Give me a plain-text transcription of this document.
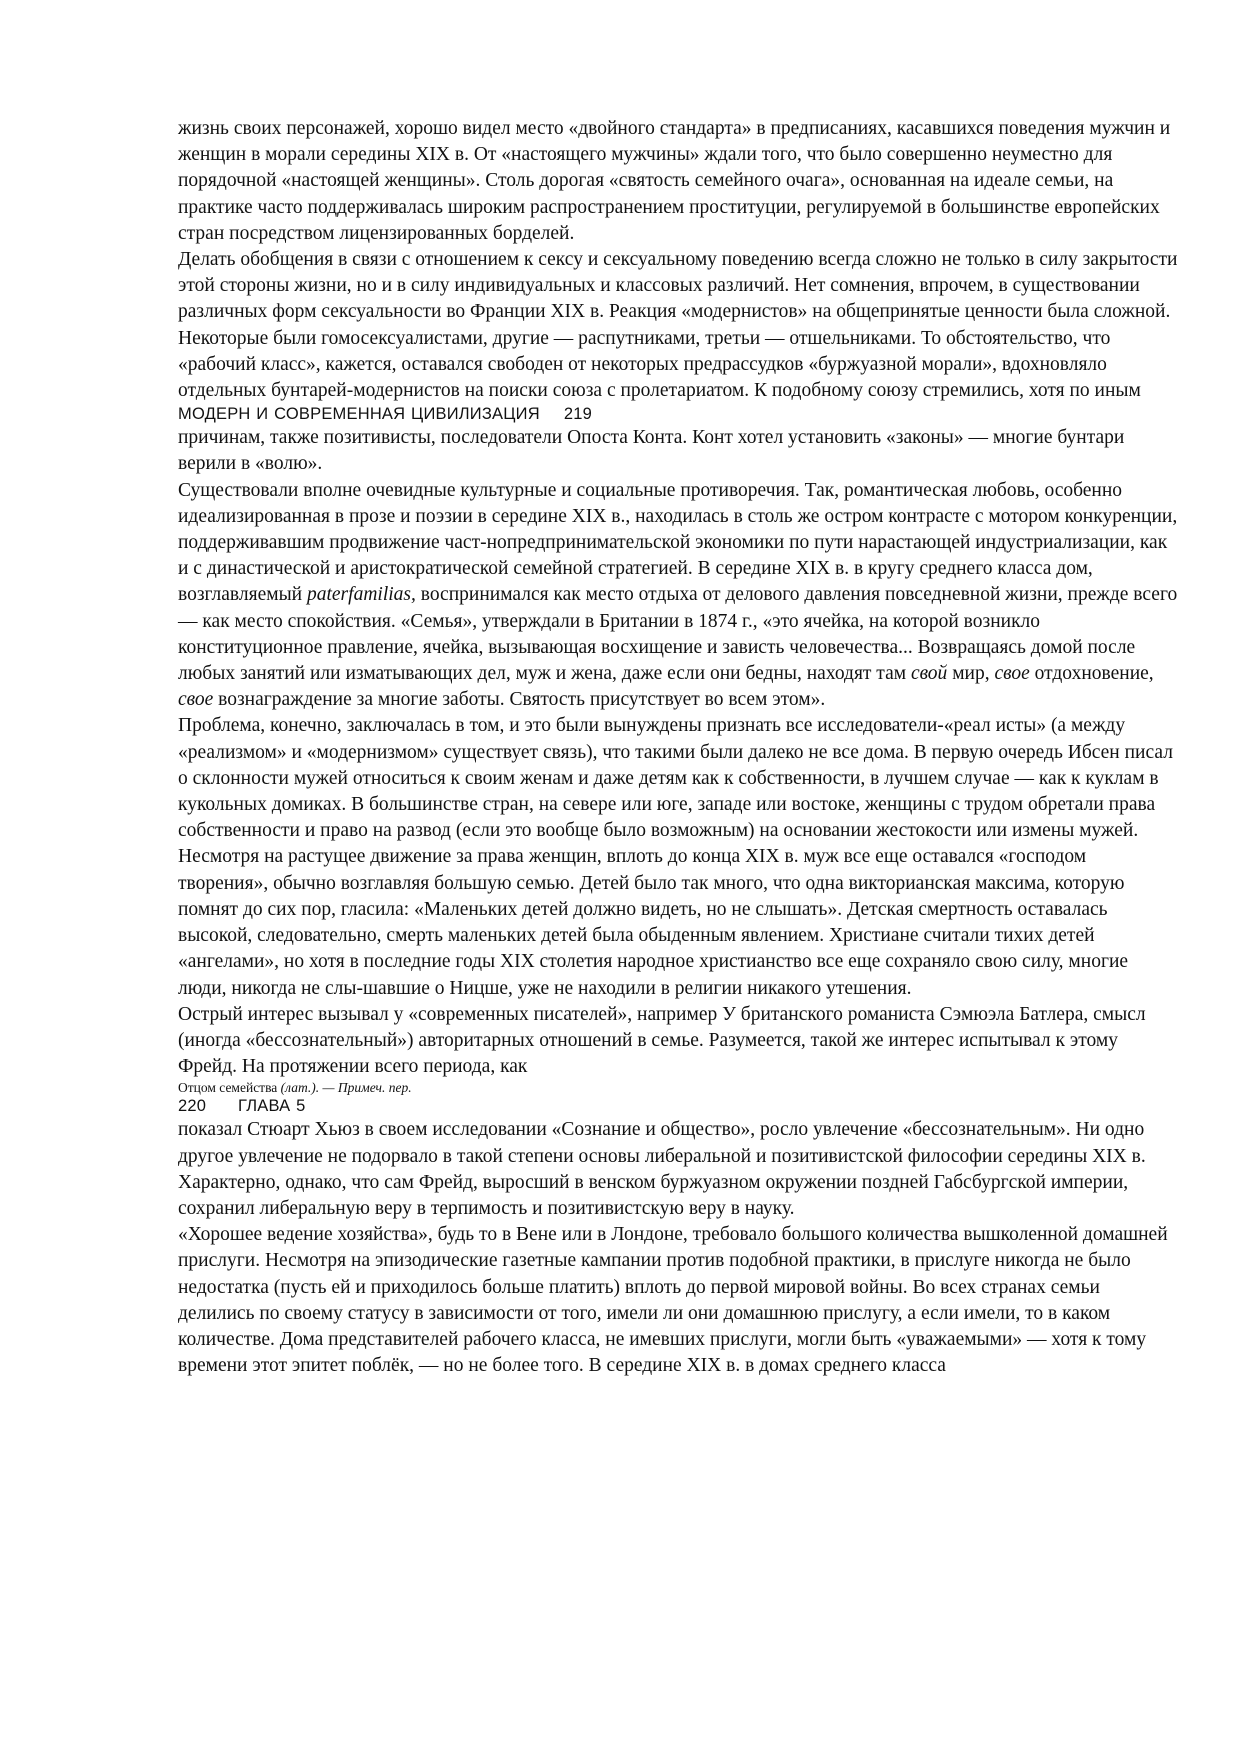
жизнь своих персонажей, хорошо видел место «двойного стандарта» в предписаниях, касавшихся поведения мужчин и женщин в морали середины XIX в. От «настоящего мужчины» ждали того, что было совершенно неуместно для порядочной «настоящей женщины». Столь дорогая «святость семейного очага», основанная на идеале семьи, на практике часто поддерживалась широким распространением проституции, регулируемой в большинстве европейских стран посредством лицензированных борделей.

Делать обобщения в связи с отношением к сексу и сексуальному поведению всегда сложно не только в силу закрытости этой стороны жизни, но и в силу индивидуальных и классовых различий. Нет сомнения, впрочем, в существовании различных форм сексуальности во Франции XIX в. Реакция «модернистов» на общепринятые ценности была сложной. Некоторые были гомосексуалистами, другие — распутниками, третьи — отшельниками. То обстоятельство, что «рабочий класс», кажется, оставался свободен от некоторых предрассудков «буржуазной морали», вдохновляло отдельных бунтарей-модернистов на поиски союза с пролетариатом. К подобному союзу стремились, хотя по иным

МОДЕРН И СОВРЕМЕННАЯ ЦИВИЛИЗАЦИЯ 219

причинам, также позитивисты, последователи Опоста Конта. Конт хотел установить «законы» — многие бунтари верили в «волю».

Существовали вполне очевидные культурные и социальные противоречия. Так, романтическая любовь, особенно идеализированная в прозе и поэзии в середине XIX в., находилась в столь же остром контрасте с мотором конкуренции, поддерживавшим продвижение част-нопредпринимательской экономики по пути нарастающей индустриализации, как и с династической и аристократической семейной стратегией. В середине XIX в. в кругу среднего класса дом, возглавляемый paterfamilias, воспринимался как место отдыха от делового давления повседневной жизни, прежде всего — как место спокойствия. «Семья», утверждали в Британии в 1874 г., «это ячейка, на которой возникло конституционное правление, ячейка, вызывающая восхищение и зависть человечества... Возвращаясь домой после любых занятий или изматывающих дел, муж и жена, даже если они бедны, находят там свой мир, свое отдохновение, свое вознаграждение за многие заботы. Святость присутствует во всем этом».

Проблема, конечно, заключалась в том, и это были вынуждены признать все исследователи-«реал исты» (а между «реализмом» и «модернизмом» существует связь), что такими были далеко не все дома. В первую очередь Ибсен писал о склонности мужей относиться к своим женам и даже детям как к собственности, в лучшем случае — как к куклам в кукольных домиках. В большинстве стран, на севере или юге, западе или востоке, женщины с трудом обретали права собственности и право на развод (если это вообще было возможным) на основании жестокости или измены мужей. Несмотря на растущее движение за права женщин, вплоть до конца XIX в. муж все еще оставался «господом творения», обычно возглавляя большую семью. Детей было так много, что одна викторианская максима, которую помнят до сих пор, гласила: «Маленьких детей должно видеть, но не слышать». Детская смертность оставалась высокой, следовательно, смерть маленьких детей была обыденным явлением. Христиане считали тихих детей «ангелами», но хотя в последние годы XIX столетия народное христианство все еще сохраняло свою силу, многие люди, никогда не слы-шавшие о Ницше, уже не находили в религии никакого утешения.

Острый интерес вызывал у «современных писателей», например У британского романиста Сэмюэла Батлера, смысл (иногда «бессознательный») авторитарных отношений в семье. Разумеется, такой же интерес испытывал к этому Фрейд. На протяжении всего периода, как

Отцом семейства (лат.). — Примеч. пер.

220 ГЛАВА 5

показал Стюарт Хьюз в своем исследовании «Сознание и общество», росло увлечение «бессознательным». Ни одно другое увлечение не подорвало в такой степени основы либеральной и позитивистской философии середины XIX в. Характерно, однако, что сам Фрейд, выросший в венском буржуазном окружении поздней Габсбургской империи, сохранил либеральную веру в терпимость и позитивистскую веру в науку.

«Хорошее ведение хозяйства», будь то в Вене или в Лондоне, требовало большого количества вышколенной домашней прислуги. Несмотря на эпизодические газетные кампании против подобной практики, в прислуге никогда не было недостатка (пусть ей и приходилось больше платить) вплоть до первой мировой войны. Во всех странах семьи делились по своему статусу в зависимости от того, имели ли они домашнюю прислугу, а если имели, то в каком количестве. Дома представителей рабочего класса, не имевших прислуги, могли быть «уважаемыми» — хотя к тому времени этот эпитет поблёк, — но не более того. В середине XIX в. в домах среднего класса
